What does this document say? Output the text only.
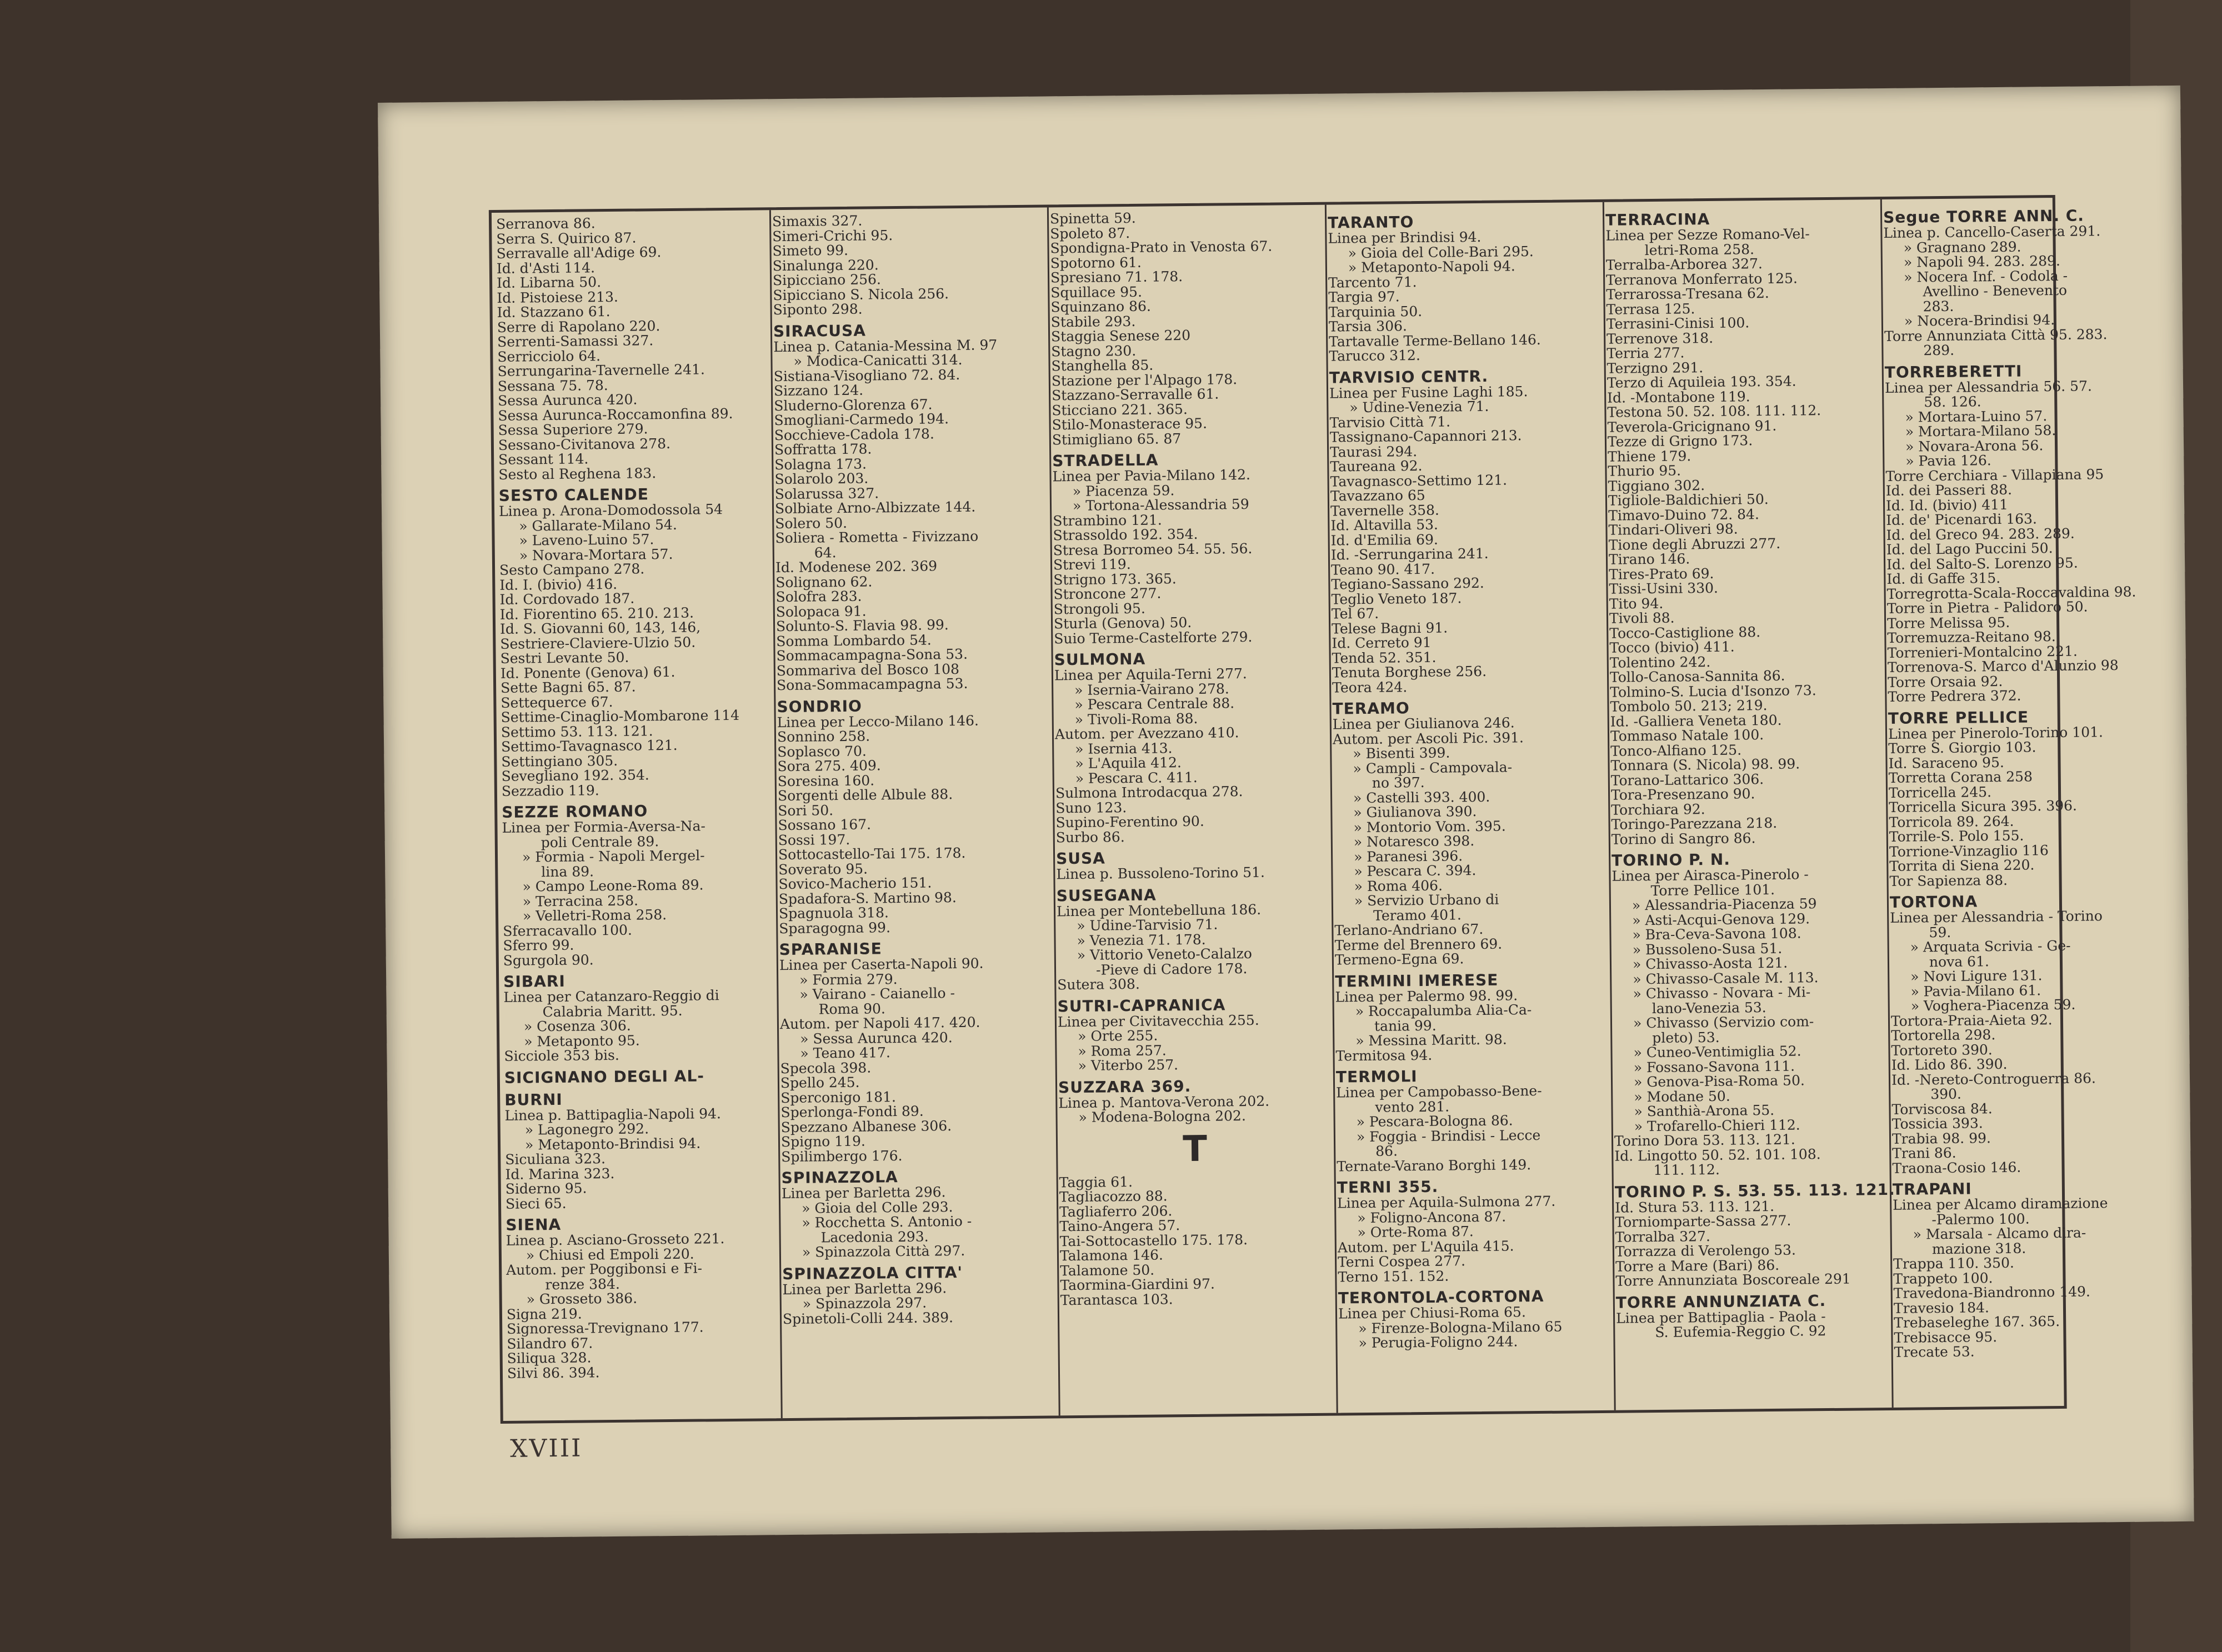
Serranova 86.
Serra S. Quirico 87.
Serravalle all'Adige 69.
Id. d'Asti 114.
Id. Libarna 50.
Id. Pistoiese 213.
Id. Stazzano 61.
Serre di Rapolano 220.
Serrenti-Samassi 327.
Serricciolo 64.
Serrungarina-Tavernelle 241.
Sessana 75. 78.
Sessa Aurunca 420.
Sessa Aurunca-Roccamonfina 89.
Sessa Superiore 279.
Sessano-Civitanova 278.
Sessant 114.
Sesto al Reghena 183.
SESTO CALENDE
Linea p. Arona-Domodossola 54
» Gallarate-Milano 54.
» Laveno-Luino 57.
» Novara-Mortara 57.
Sesto Campano 278.
Id. I. (bivio) 416.
Id. Cordovado 187.
Id. Fiorentino 65. 210. 213.
Id. S. Giovanni 60, 143, 146,
Sestriere-Claviere-Ulzio 50.
Sestri Levante 50.
Id. Ponente (Genova) 61.
Sette Bagni 65. 87.
Settequerce 67.
Settime-Cinaglio-Mombarone 114
Settimo 53. 113. 121.
Settimo-Tavagnasco 121.
Settingiano 305.
Sevegliano 192. 354.
Sezzadio 119.
SEZZE ROMANO
Linea per Formia-Aversa-Na-
poli Centrale 89.
» Formia - Napoli Mergel-
lina 89.
» Campo Leone-Roma 89.
» Terracina 258.
» Velletri-Roma 258.
Sferracavallo 100.
Sferro 99.
Sgurgola 90.
SIBARI
Linea per Catanzaro-Reggio di
Calabria Maritt. 95.
» Cosenza 306.
» Metaponto 95.
Sicciole 353 bis.
SICIGNANO DEGLI AL-
BURNI
Linea p. Battipaglia-Napoli 94.
» Lagonegro 292.
» Metaponto-Brindisi 94.
Siculiana 323.
Id. Marina 323.
Siderno 95.
Sieci 65.
SIENA
Linea p. Asciano-Grosseto 221.
» Chiusi ed Empoli 220.
Autom. per Poggibonsi e Fi-
renze 384.
» Grosseto 386.
Signa 219.
Signoressa-Trevignano 177.
Silandro 67.
Siliqua 328.
Silvi 86. 394.
Simaxis 327.
Simeri-Crichi 95.
Simeto 99.
Sinalunga 220.
Sipicciano 256.
Sipicciano S. Nicola 256.
Siponto 298.
SIRACUSA
Linea p. Catania-Messina M. 97
» Modica-Canicatti 314.
Sistiana-Visogliano 72. 84.
Sizzano 124.
Sluderno-Glorenza 67.
Smogliani-Carmedo 194.
Socchieve-Cadola 178.
Soffratta 178.
Solagna 173.
Solarolo 203.
Solarussa 327.
Solbiate Arno-Albizzate 144.
Solero 50.
Soliera - Rometta - Fivizzano
64.
Id. Modenese 202. 369
Solignano 62.
Solofra 283.
Solopaca 91.
Solunto-S. Flavia 98. 99.
Somma Lombardo 54.
Sommacampagna-Sona 53.
Sommariva del Bosco 108
Sona-Sommacampagna 53.
SONDRIO
Linea per Lecco-Milano 146.
Sonnino 258.
Soplasco 70.
Sora 275. 409.
Soresina 160.
Sorgenti delle Albule 88.
Sori 50.
Sossano 167.
Sossi 197.
Sottocastello-Tai 175. 178.
Soverato 95.
Sovico-Macherio 151.
Spadafora-S. Martino 98.
Spagnuola 318.
Sparagogna 99.
SPARANISE
Linea per Caserta-Napoli 90.
» Formia 279.
» Vairano - Caianello -
Roma 90.
Autom. per Napoli 417. 420.
» Sessa Aurunca 420.
» Teano 417.
Specola 398.
Spello 245.
Sperconigo 181.
Sperlonga-Fondi 89.
Spezzano Albanese 306.
Spigno 119.
Spilimbergo 176.
SPINAZZOLA
Linea per Barletta 296.
» Gioia del Colle 293.
» Rocchetta S. Antonio -
Lacedonia 293.
» Spinazzola Città 297.
SPINAZZOLA CITTA'
Linea per Barletta 296.
» Spinazzola 297.
Spinetoli-Colli 244. 389.
Spinetta 59.
Spoleto 87.
Spondigna-Prato in Venosta 67.
Spotorno 61.
Spresiano 71. 178.
Squillace 95.
Squinzano 86.
Stabile 293.
Staggia Senese 220
Stagno 230.
Stanghella 85.
Stazione per l'Alpago 178.
Stazzano-Serravalle 61.
Sticciano 221. 365.
Stilo-Monasterace 95.
Stimigliano 65. 87
STRADELLA
Linea per Pavia-Milano 142.
» Piacenza 59.
» Tortona-Alessandria 59
Strambino 121.
Strassoldo 192. 354.
Stresa Borromeo 54. 55. 56.
Strevi 119.
Strigno 173. 365.
Stroncone 277.
Strongoli 95.
Sturla (Genova) 50.
Suio Terme-Castelforte 279.
SULMONA
Linea per Aquila-Terni 277.
» Isernia-Vairano 278.
» Pescara Centrale 88.
» Tivoli-Roma 88.
Autom. per Avezzano 410.
» Isernia 413.
» L'Aquila 412.
» Pescara C. 411.
Sulmona Introdacqua 278.
Suno 123.
Supino-Ferentino 90.
Surbo 86.
SUSA
Linea p. Bussoleno-Torino 51.
SUSEGANA
Linea per Montebelluna 186.
» Udine-Tarvisio 71.
» Venezia 71. 178.
» Vittorio Veneto-Calalzo
-Pieve di Cadore 178.
Sutera 308.
SUTRI-CAPRANICA
Linea per Civitavecchia 255.
» Orte 255.
» Roma 257.
» Viterbo 257.
SUZZARA 369.
Linea p. Mantova-Verona 202.
» Modena-Bologna 202.
T
Taggia 61.
Tagliacozzo 88.
Tagliaferro 206.
Taino-Angera 57.
Tai-Sottocastello 175. 178.
Talamona 146.
Talamone 50.
Taormina-Giardini 97.
Tarantasca 103.
TARANTO
Linea per Brindisi 94.
» Gioia del Colle-Bari 295.
» Metaponto-Napoli 94.
Tarcento 71.
Targia 97.
Tarquinia 50.
Tarsia 306.
Tartavalle Terme-Bellano 146.
Tarucco 312.
TARVISIO CENTR.
Linea per Fusine Laghi 185.
» Udine-Venezia 71.
Tarvisio Città 71.
Tassignano-Capannori 213.
Taurasi 294.
Taureana 92.
Tavagnasco-Settimo 121.
Tavazzano 65
Tavernelle 358.
Id. Altavilla 53.
Id. d'Emilia 69.
Id. -Serrungarina 241.
Teano 90. 417.
Tegiano-Sassano 292.
Teglio Veneto 187.
Tel 67.
Telese Bagni 91.
Id. Cerreto 91
Tenda 52. 351.
Tenuta Borghese 256.
Teora 424.
TERAMO
Linea per Giulianova 246.
Autom. per Ascoli Pic. 391.
» Bisenti 399.
» Campli - Campovala-
no 397.
» Castelli 393. 400.
» Giulianova 390.
» Montorio Vom. 395.
» Notaresco 398.
» Paranesi 396.
» Pescara C. 394.
» Roma 406.
» Servizio Urbano di
Teramo 401.
Terlano-Andriano 67.
Terme del Brennero 69.
Termeno-Egna 69.
TERMINI IMERESE
Linea per Palermo 98. 99.
» Roccapalumba Alia-Ca-
tania 99.
» Messina Maritt. 98.
Termitosa 94.
TERMOLI
Linea per Campobasso-Bene-
vento 281.
» Pescara-Bologna 86.
» Foggia - Brindisi - Lecce
86.
Ternate-Varano Borghi 149.
TERNI 355.
Linea per Aquila-Sulmona 277.
» Foligno-Ancona 87.
» Orte-Roma 87.
Autom. per L'Aquila 415.
Terni Cospea 277.
Terno 151. 152.
TERONTOLA-CORTONA
Linea per Chiusi-Roma 65.
» Firenze-Bologna-Milano 65
» Perugia-Foligno 244.
TERRACINA
Linea per Sezze Romano-Vel-
letri-Roma 258.
Terralba-Arborea 327.
Terranova Monferrato 125.
Terrarossa-Tresana 62.
Terrasa 125.
Terrasini-Cinisi 100.
Terrenove 318.
Terria 277.
Terzigno 291.
Terzo di Aquileia 193. 354.
Id. -Montabone 119.
Testona 50. 52. 108. 111. 112.
Teverola-Gricignano 91.
Tezze di Grigno 173.
Thiene 179.
Thurio 95.
Tiggiano 302.
Tigliole-Baldichieri 50.
Timavo-Duino 72. 84.
Tindari-Oliveri 98.
Tione degli Abruzzi 277.
Tirano 146.
Tires-Prato 69.
Tissi-Usini 330.
Tito 94.
Tivoli 88.
Tocco-Castiglione 88.
Tocco (bivio) 411.
Tolentino 242.
Tollo-Canosa-Sannita 86.
Tolmino-S. Lucia d'Isonzo 73.
Tombolo 50. 213; 219.
Id. -Galliera Veneta 180.
Tommaso Natale 100.
Tonco-Alfiano 125.
Tonnara (S. Nicola) 98. 99.
Torano-Lattarico 306.
Tora-Presenzano 90.
Torchiara 92.
Toringo-Parezzana 218.
Torino di Sangro 86.
TORINO P. N.
Linea per Airasca-Pinerolo -
Torre Pellice 101.
» Alessandria-Piacenza 59
» Asti-Acqui-Genova 129.
» Bra-Ceva-Savona 108.
» Bussoleno-Susa 51.
» Chivasso-Aosta 121.
» Chivasso-Casale M. 113.
» Chivasso - Novara - Mi-
lano-Venezia 53.
» Chivasso (Servizio com-
pleto) 53.
» Cuneo-Ventimiglia 52.
» Fossano-Savona 111.
» Genova-Pisa-Roma 50.
» Modane 50.
» Santhià-Arona 55.
» Trofarello-Chieri 112.
Torino Dora 53. 113. 121.
Id. Lingotto 50. 52. 101. 108.
111. 112.
TORINO P. S. 53. 55. 113. 121.
Id. Stura 53. 113. 121.
Torniomparte-Sassa 277.
Torralba 327.
Torrazza di Verolengo 53.
Torre a Mare (Bari) 86.
Torre Annunziata Boscoreale 291
TORRE ANNUNZIATA C.
Linea per Battipaglia - Paola -
S. Eufemia-Reggio C. 92
Segue TORRE ANN. C.
Linea p. Cancello-Caserta 291.
» Gragnano 289.
» Napoli 94. 283. 289.
» Nocera Inf. - Codola -
Avellino - Benevento
283.
» Nocera-Brindisi 94.
Torre Annunziata Città 95. 283.
289.
TORREBERETTI
Linea per Alessandria 56. 57.
58. 126.
» Mortara-Luino 57.
» Mortara-Milano 58.
» Novara-Arona 56.
» Pavia 126.
Torre Cerchiara - Villapiana 95
Id. dei Passeri 88.
Id. Id. (bivio) 411
Id. de' Picenardi 163.
Id. del Greco 94. 283. 289.
Id. del Lago Puccini 50.
Id. del Salto-S. Lorenzo 95.
Id. di Gaffe 315.
Torregrotta-Scala-Roccavaldina 98.
Torre in Pietra - Palidoro 50.
Torre Melissa 95.
Torremuzza-Reitano 98.
Torrenieri-Montalcino 221.
Torrenova-S. Marco d'Alunzio 98
Torre Orsaia 92.
Torre Pedrera 372.
TORRE PELLICE
Linea per Pinerolo-Torino 101.
Torre S. Giorgio 103.
Id. Saraceno 95.
Torretta Corana 258
Torricella 245.
Torricella Sicura 395. 396.
Torricola 89. 264.
Torrile-S. Polo 155.
Torrione-Vinzaglio 116
Torrita di Siena 220.
Tor Sapienza 88.
TORTONA
Linea per Alessandria - Torino
59.
» Arquata Scrivia - Ge-
nova 61.
» Novi Ligure 131.
» Pavia-Milano 61.
» Voghera-Piacenza 59.
Tortora-Praia-Aieta 92.
Tortorella 298.
Tortoreto 390.
Id. Lido 86. 390.
Id. -Nereto-Controguerra 86.
390.
Torviscosa 84.
Tossicia 393.
Trabia 98. 99.
Trani 86.
Traona-Cosio 146.
TRAPANI
Linea per Alcamo diramazione
-Palermo 100.
» Marsala - Alcamo dira-
mazione 318.
Trappa 110. 350.
Trappeto 100.
Travedona-Biandronno 149.
Travesio 184.
Trebaseleghe 167. 365.
Trebisacce 95.
Trecate 53.
XVIII
